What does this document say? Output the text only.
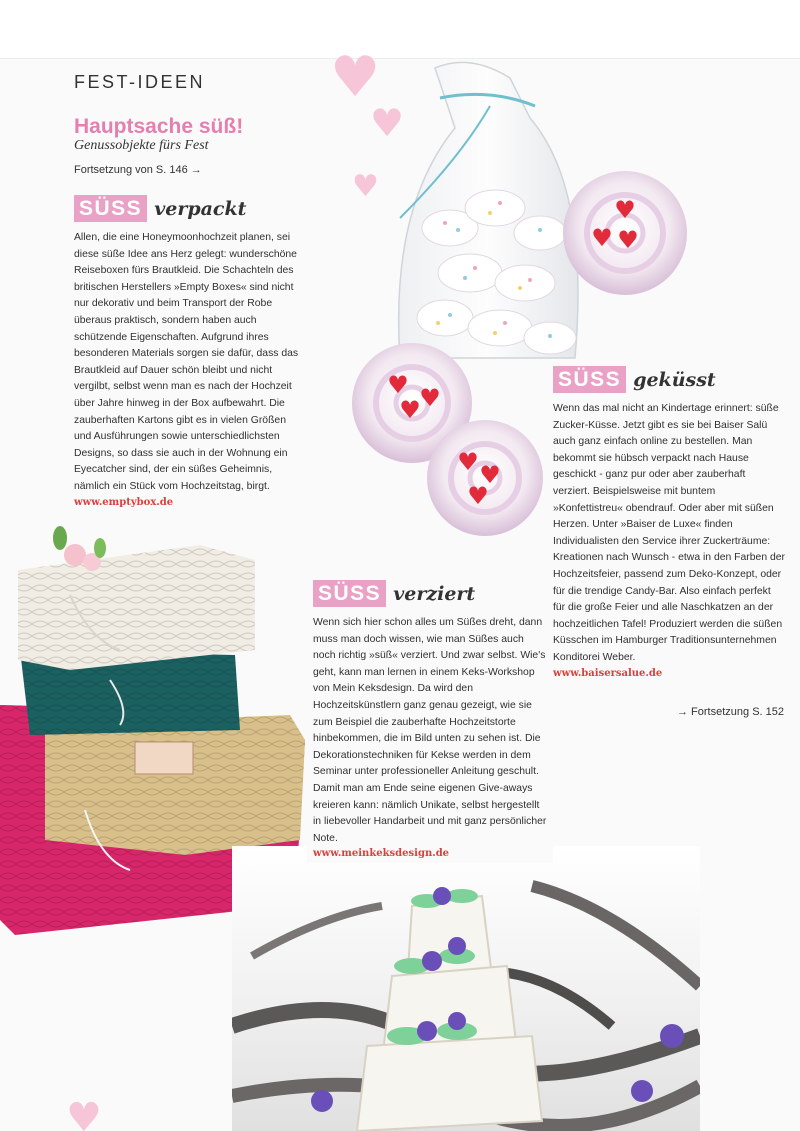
♥
♥
♥
♥
♥
♥ ♥
♥ ♥
♥
♥ ♥
♥
FEST-IDEEN
Hauptsache süß!
Genussobjekte fürs Fest
Fortsetzung von S. 146 →
SÜSS verpackt

Allen, die eine Honeymoonhochzeit planen, sei diese süße Idee ans Herz gelegt: wunderschöne Reiseboxen fürs Brautkleid. Die Schachteln des britischen Herstellers »Empty Boxes« sind nicht nur dekorativ und beim Transport der Robe überaus praktisch, sondern haben auch schützende Eigenschaften. Aufgrund ihres besonderen Materials sorgen sie dafür, dass das Brautkleid auf Dauer schön bleibt und nicht vergilbt, selbst wenn man es nach der Hochzeit über Jahre hinweg in der Box aufbewahrt. Die zauberhaften Kartons gibt es in vielen Größen und Ausführungen sowie unterschiedlichsten Designs, so dass sie auch in der Wohnung ein Eyecatcher sind, der ein süßes Geheimnis, nämlich ein Stück vom Hochzeitstag, birgt.

www.emptybox.de
SÜSS geküsst

Wenn das mal nicht an Kindertage erinnert: süße Zucker-Küsse. Jetzt gibt es sie bei Baiser Salü auch ganz einfach online zu bestellen. Man bekommt sie hübsch verpackt nach Hause geschickt - ganz pur oder aber zauberhaft verziert. Beispielsweise mit buntem »Konfettistreu« obendrauf. Oder aber mit süßen Herzen. Unter »Baiser de Luxe« finden Individualisten den Service ihrer Zuckerträume: Kreationen nach Wunsch - etwa in den Farben der Hochzeitsfeier, passend zum Deko-Konzept, oder für die trendige Candy-Bar. Also einfach perfekt für die große Feier und alle Naschkatzen an der hochzeitlichen Tafel! Produziert werden die süßen Küsschen im Hamburger Traditionsunternehmen Konditorei Weber.

www.baisersalue.de
SÜSS verziert

Wenn sich hier schon alles um Süßes dreht, dann muss man doch wissen, wie man Süßes auch noch richtig »süß« verziert. Und zwar selbst. Wie's geht, kann man lernen in einem Keks-Workshop von Mein Keksdesign. Da wird den Hochzeitskünstlern ganz genau gezeigt, wie sie zum Beispiel die zauberhafte Hochzeitstorte hinbekommen, die im Bild unten zu sehen ist. Die Dekorationstechniken für Kekse werden in dem Seminar unter professioneller Anleitung geschult. Damit man am Ende seine eigenen Give-aways kreieren kann: nämlich Unikate, selbst hergestellt in liebevoller Handarbeit und mit ganz persönlicher Note.

www.meinkeksdesign.de
→ Fortsetzung S. 152
